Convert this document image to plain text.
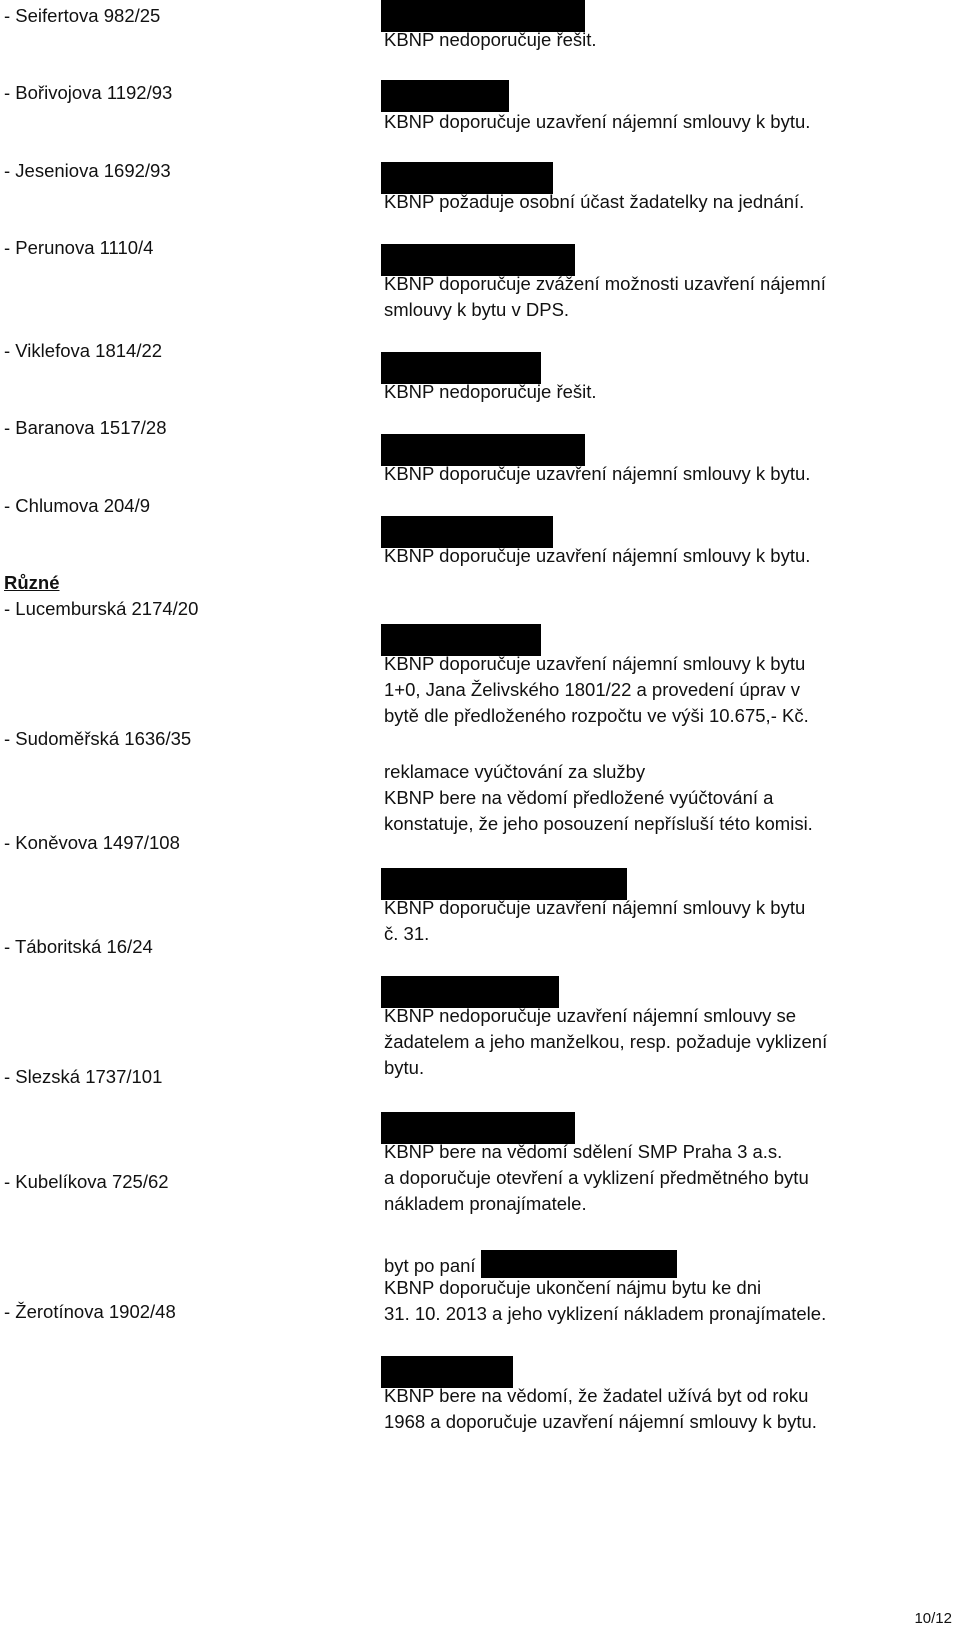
- Seifertova 982/25
- Bořivojova 1192/93
- Jeseniova 1692/93
- Perunova 1110/4
- Viklefova 1814/22
- Baranova 1517/28
- Chlumova 204/9
Různé
- Lucemburská 2174/20
- Sudoměřská 1636/35
- Koněvova 1497/108
- Táboritská 16/24
- Slezská 1737/101
- Kubelíkova 725/62
- Žerotínova 1902/48
KBNP nedoporučuje řešit.
KBNP doporučuje uzavření nájemní smlouvy k bytu.
KBNP požaduje osobní účast žadatelky na jednání.
KBNP doporučuje zvážení možnosti uzavření nájemní
smlouvy k bytu v DPS.
KBNP nedoporučuje řešit.
KBNP doporučuje uzavření nájemní smlouvy k bytu.
KBNP doporučuje uzavření nájemní smlouvy k bytu.
KBNP doporučuje uzavření nájemní smlouvy k bytu
1+0, Jana Želivského 1801/22 a provedení úprav v
bytě dle předloženého rozpočtu ve výši 10.675,- Kč.
reklamace vyúčtování za služby
KBNP bere na vědomí předložené vyúčtování a
konstatuje, že jeho posouzení nepřísluší této komisi.
KBNP doporučuje uzavření nájemní smlouvy k bytu
č. 31.
KBNP nedoporučuje uzavření nájemní smlouvy se
žadatelem a jeho manželkou, resp. požaduje vyklizení
bytu.
KBNP bere na vědomí sdělení SMP Praha 3 a.s.
a doporučuje otevření a vyklizení předmětného bytu
nákladem pronajímatele.
byt po paní
KBNP doporučuje ukončení nájmu bytu ke dni
31. 10. 2013 a jeho vyklizení nákladem pronajímatele.
KBNP bere na vědomí, že žadatel užívá byt od roku
1968 a doporučuje uzavření nájemní smlouvy k bytu.
10/12
